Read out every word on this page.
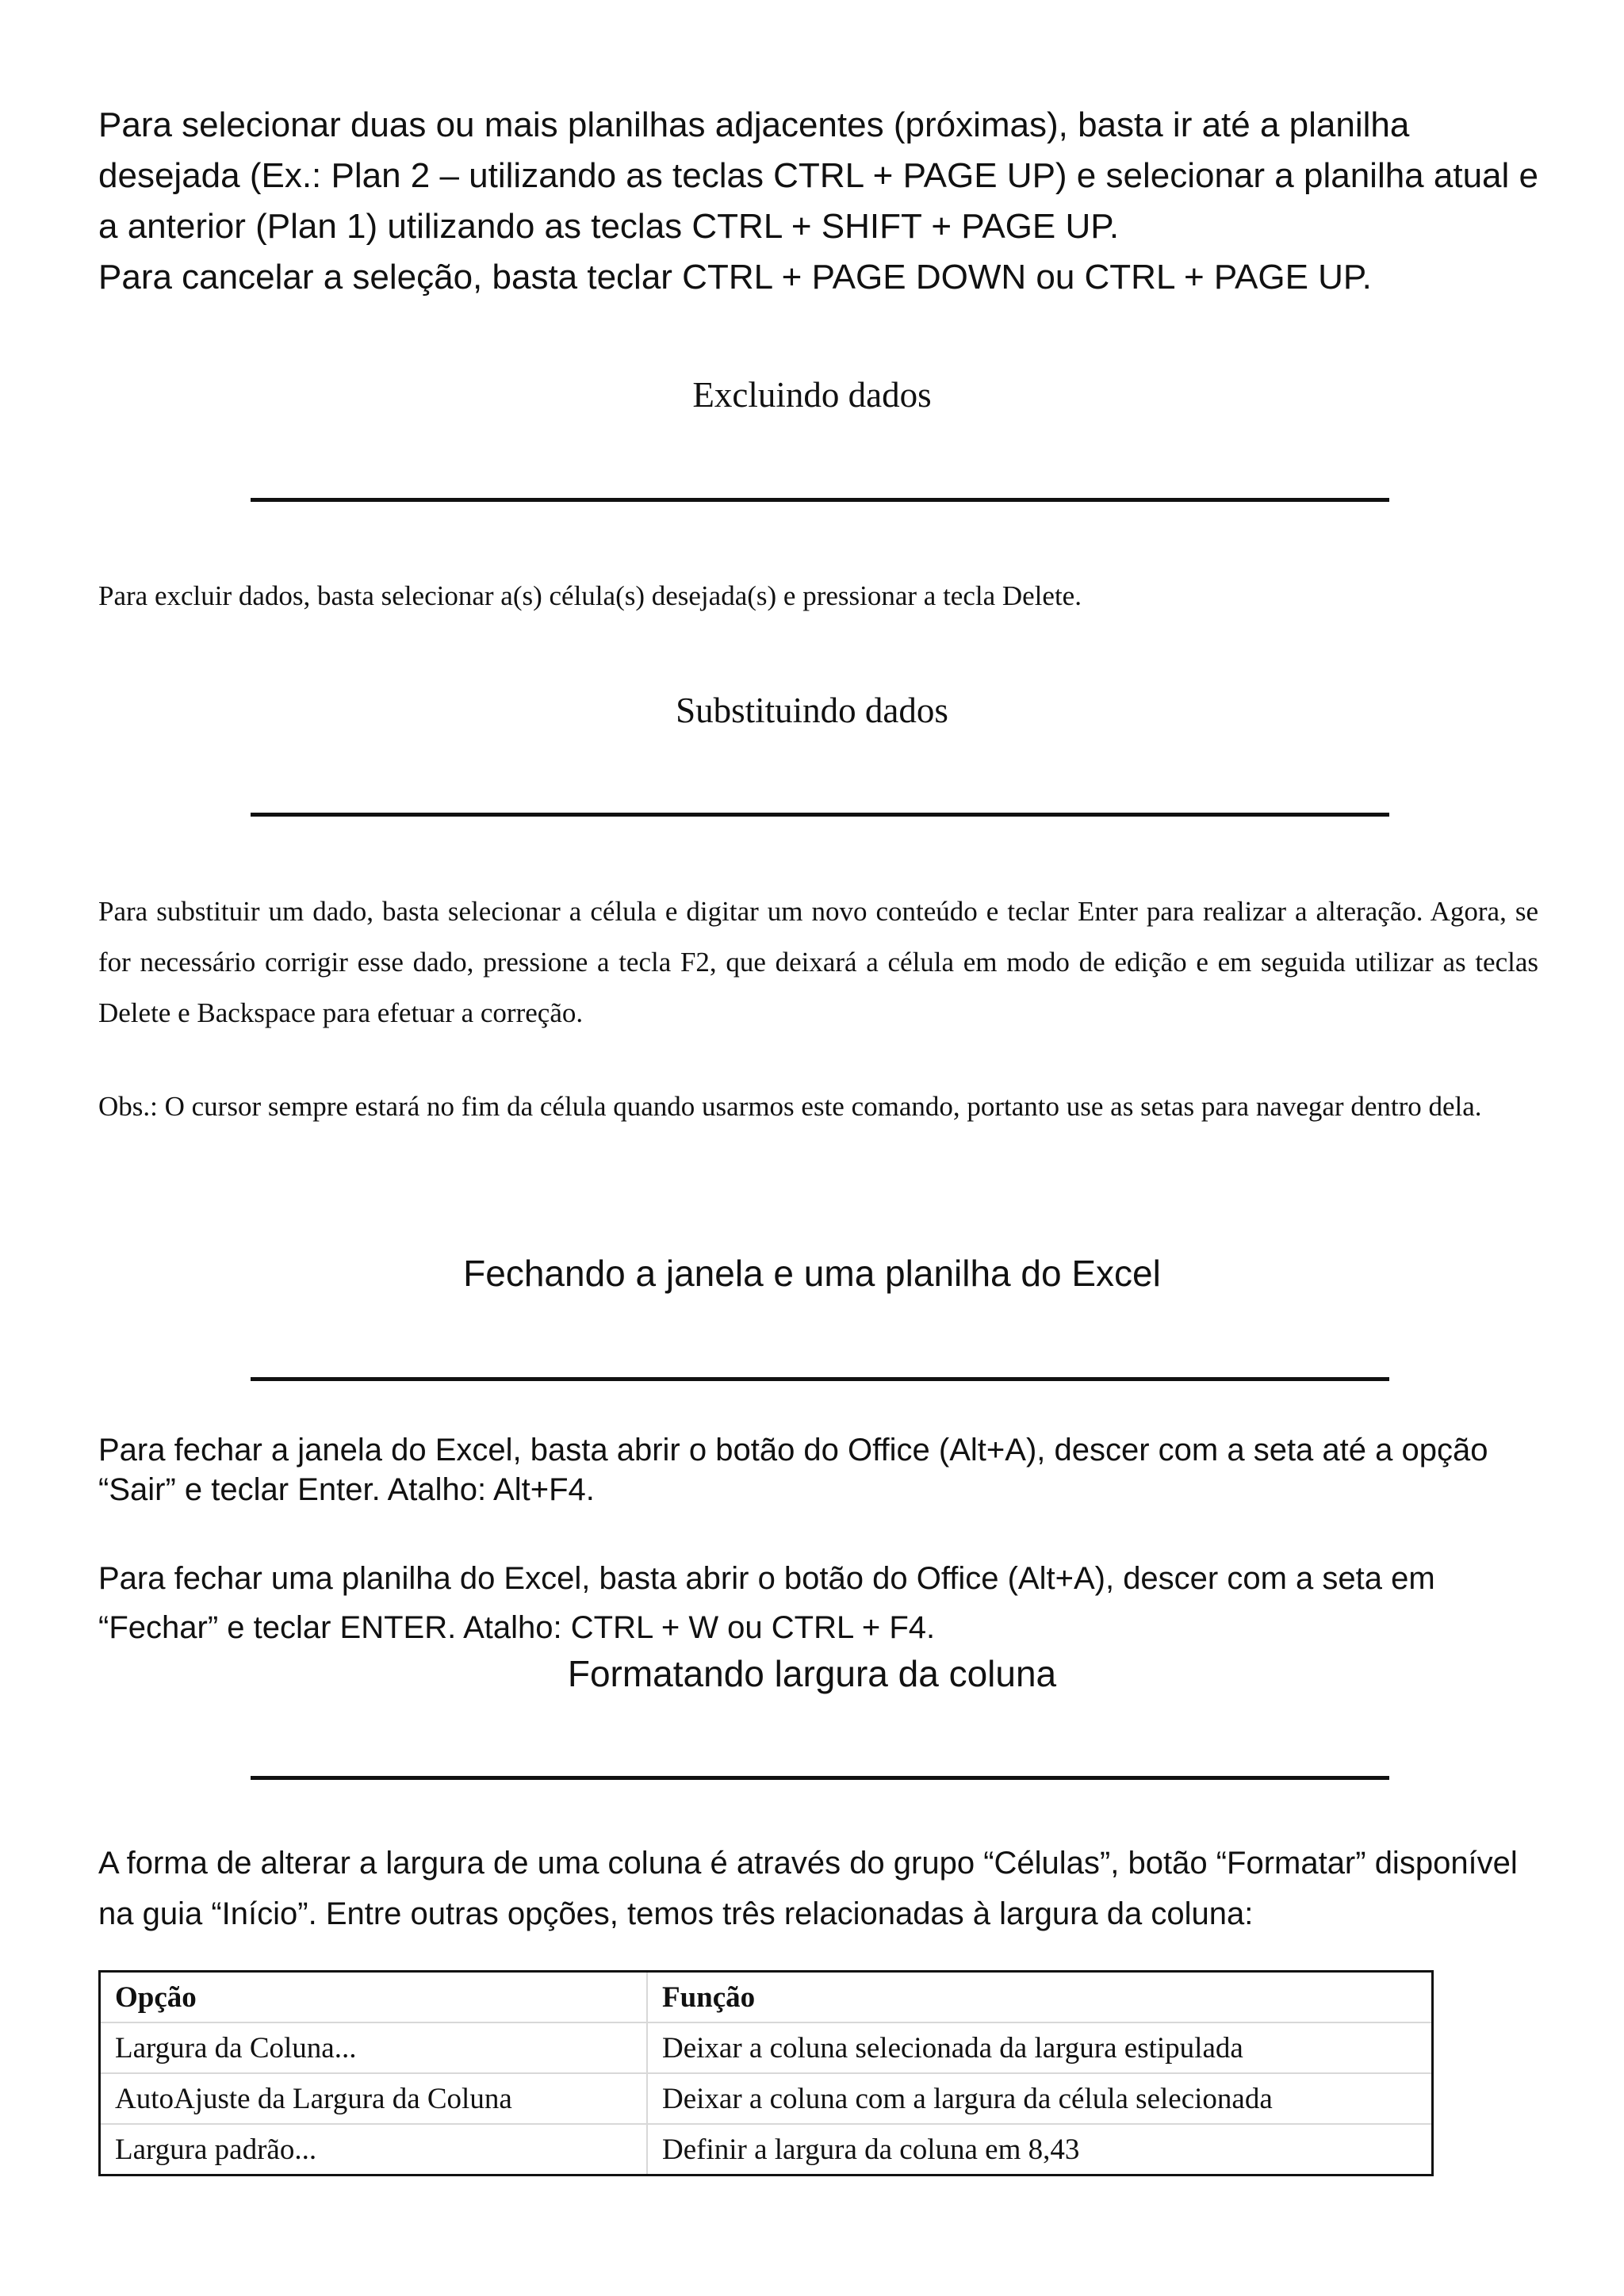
Para selecionar duas ou mais planilhas adjacentes (próximas), basta ir até a planilha desejada (Ex.: Plan 2 – utilizando as teclas CTRL + PAGE UP) e selecionar a planilha atual e a anterior (Plan 1) utilizando as teclas CTRL + SHIFT + PAGE UP.

Para cancelar a seleção, basta teclar CTRL + PAGE DOWN ou CTRL + PAGE UP.

Excluindo dados

Para excluir dados, basta selecionar a(s) célula(s) desejada(s) e pressionar a tecla Delete.

Substituindo dados

Para substituir um dado, basta selecionar a célula e digitar um novo conteúdo e teclar Enter para realizar a alteração. Agora, se for necessário corrigir esse dado, pressione a tecla F2, que deixará a célula em modo de edição e em seguida utilizar as teclas Delete e Backspace para efetuar a correção.

Obs.: O cursor sempre estará no fim da célula quando usarmos este comando, portanto use as setas para navegar dentro dela.

Fechando a janela e uma planilha do Excel

Para fechar a janela do Excel, basta abrir o botão do Office (Alt+A), descer com a seta até a opção “Sair” e teclar Enter. Atalho: Alt+F4.

Para fechar uma planilha do Excel, basta abrir o botão do Office (Alt+A), descer com a seta em “Fechar” e teclar ENTER. Atalho: CTRL + W ou CTRL + F4.

Formatando largura da coluna

A forma de alterar a largura de uma coluna é através do grupo “Células”, botão “Formatar” disponível na guia “Início”. Entre outras opções, temos três relacionadas à largura da coluna:

Opção	Função
Largura da Coluna...	Deixar a coluna selecionada da largura estipulada
AutoAjuste da Largura da Coluna	Deixar a coluna com a largura da célula selecionada
Largura padrão...	Definir a largura da coluna em 8,43
